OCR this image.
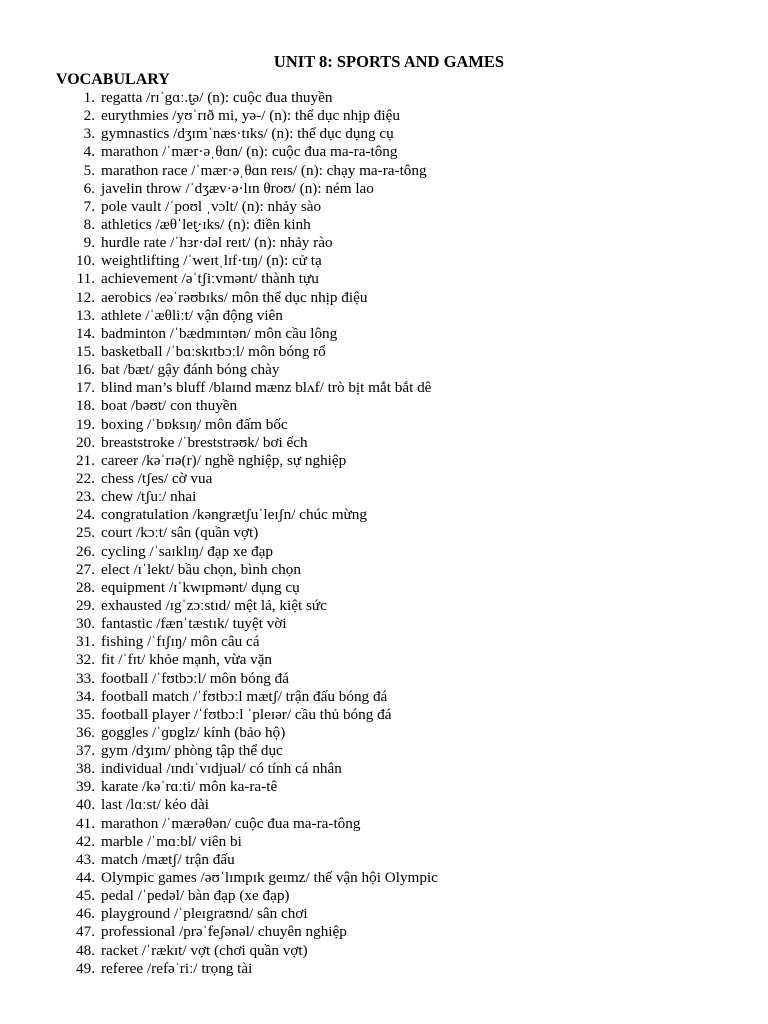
UNIT 8: SPORTS AND GAMES
VOCABULARY
1. regatta /rɪˈgɑː.t̬ə/ (n): cuộc đua thuyền
2. eurythmies /yʊˈrɪð mi, yə-/ (n): thể dục nhịp điệu
3. gymnastics /dʒɪmˈnæs·tɪks/ (n): thể dục dụng cụ
4. marathon /ˈmær·əˌθɑn/ (n): cuộc đua ma-ra-tông
5. marathon race /ˈmær·əˌθɑn reɪs/ (n): chạy ma-ra-tông
6. javelin throw /ˈdʒæv·ə·lɪn θroʊ/ (n): ném lao
7. pole vault /ˈpoʊl ˌvɔlt/ (n): nhảy sào
8. athletics /æθˈlet̬·ɪks/ (n): điền kinh
9. hurdle rate /ˈhɜr·dəl reɪt/ (n): nhảy rào
10. weightlifting /ˈweɪtˌlɪf·tɪŋ/ (n): cử tạ
11. achievement /əˈtʃiːvmənt/ thành tựu
12. aerobics /eəˈrəʊbɪks/ môn thể dục nhịp điệu
13. athlete /ˈæθliːt/ vận động viên
14. badminton /ˈbædmɪntən/ môn cầu lông
15. basketball /ˈbɑːskɪtbɔːl/ môn bóng rổ
16. bat /bæt/ gậy đánh bóng chày
17. blind man’s bluff /blaɪnd mænz blʌf/ trò bịt mắt bắt dê
18. boat /bəʊt/ con thuyền
19. boxing /ˈbɒksɪŋ/ môn đấm bốc
20. breaststroke /ˈbreststrəʊk/ bơi ếch
21. career /kəˈrɪə(r)/ nghề nghiệp, sự nghiệp
22. chess /tʃes/ cờ vua
23. chew /tʃuː/ nhai
24. congratulation /kəngrætʃuˈleɪʃn/ chúc mừng
25. court /kɔːt/ sân (quần vợt)
26. cycling /ˈsaɪklɪŋ/ đạp xe đạp
27. elect /ɪˈlekt/ bầu chọn, bình chọn
28. equipment /ɪˈkwɪpmənt/ dụng cụ
29. exhausted /ɪgˈzɔːstɪd/ mệt lả, kiệt sức
30. fantastic /fænˈtæstɪk/ tuyệt vời
31. fishing /ˈfɪʃɪŋ/ môn câu cá
32. fit /ˈfɪt/ khỏe mạnh, vừa vặn
33. football /ˈfʊtbɔːl/ môn bóng đá
34. football match /ˈfʊtbɔːl mætʃ/ trận đấu bóng đá
35. football player /ˈfʊtbɔːl ˈpleɪər/ cầu thủ bóng đá
36. goggles /ˈɡɒglz/ kính (bảo hộ)
37. gym /dʒɪm/ phòng tập thể dục
38. individual /ɪndɪˈvɪdjuəl/ có tính cá nhân
39. karate /kəˈrɑːti/ môn ka-ra-tê
40. last /lɑːst/ kéo dài
41. marathon /ˈmærəθən/ cuộc đua ma-ra-tông
42. marble /ˈmɑːbl/ viên bi
43. match /mætʃ/ trận đấu
44. Olympic games /əʊˈlɪmpɪk geɪmz/ thế vận hội Olympic
45. pedal /ˈpedəl/ bàn đạp (xe đạp)
46. playground /ˈpleɪgraʊnd/ sân chơi
47. professional /prəˈfeʃənəl/ chuyên nghiệp
48. racket /ˈrækɪt/ vợt (chơi quần vợt)
49. referee /refəˈriː/ trọng tài
